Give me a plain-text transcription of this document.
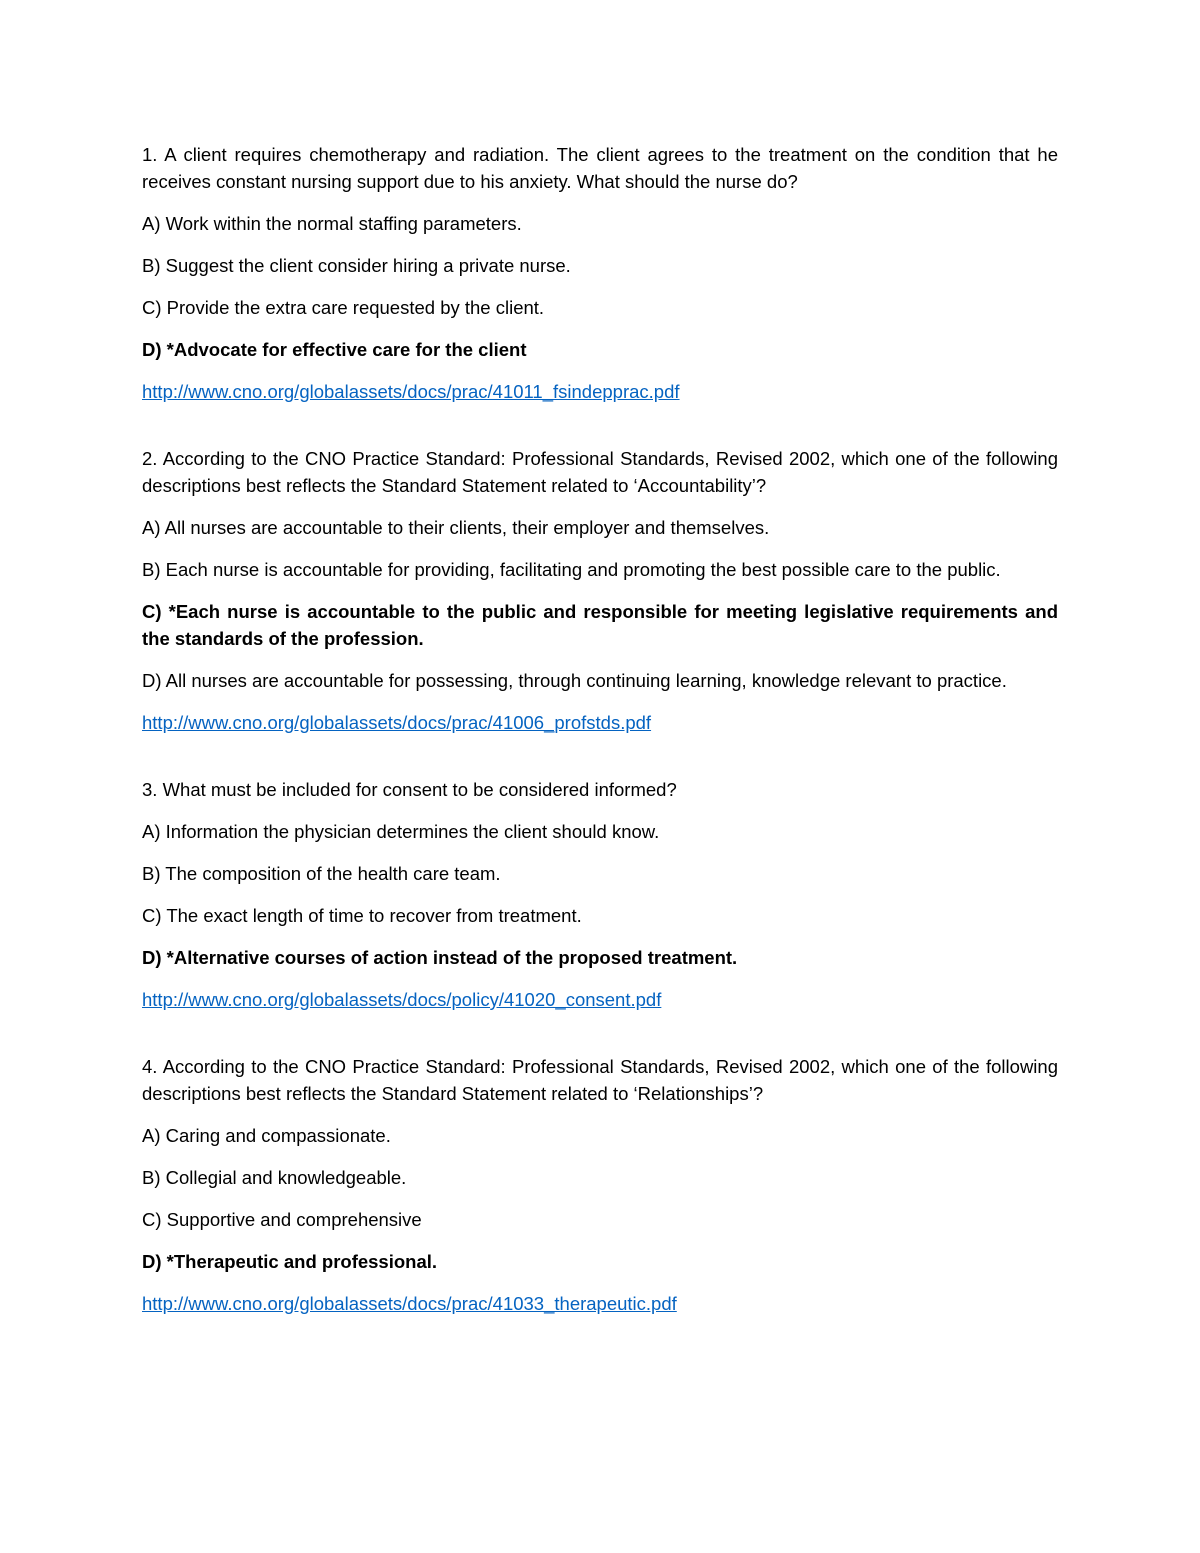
1. A client requires chemotherapy and radiation. The client agrees to the treatment on the condition that he receives constant nursing support due to his anxiety. What should the nurse do?

A) Work within the normal staffing parameters.

B) Suggest the client consider hiring a private nurse.

C) Provide the extra care requested by the client.

D) *Advocate for effective care for the client

http://www.cno.org/globalassets/docs/prac/41011_fsindepprac.pdf

2. According to the CNO Practice Standard: Professional Standards, Revised 2002, which one of the following descriptions best reflects the Standard Statement related to ‘Accountability’?

A) All nurses are accountable to their clients, their employer and themselves.

B) Each nurse is accountable for providing, facilitating and promoting the best possible care to the public.

C) *Each nurse is accountable to the public and responsible for meeting legislative requirements and the standards of the profession.

D) All nurses are accountable for possessing, through continuing learning, knowledge relevant to practice.

http://www.cno.org/globalassets/docs/prac/41006_profstds.pdf

3. What must be included for consent to be considered informed?

A) Information the physician determines the client should know.

B) The composition of the health care team.

C) The exact length of time to recover from treatment.

D) *Alternative courses of action instead of the proposed treatment.

http://www.cno.org/globalassets/docs/policy/41020_consent.pdf

4. According to the CNO Practice Standard: Professional Standards, Revised 2002, which one of the following descriptions best reflects the Standard Statement related to ‘Relationships’?

A) Caring and compassionate.

B) Collegial and knowledgeable.

C) Supportive and comprehensive

D) *Therapeutic and professional.

http://www.cno.org/globalassets/docs/prac/41033_therapeutic.pdf
